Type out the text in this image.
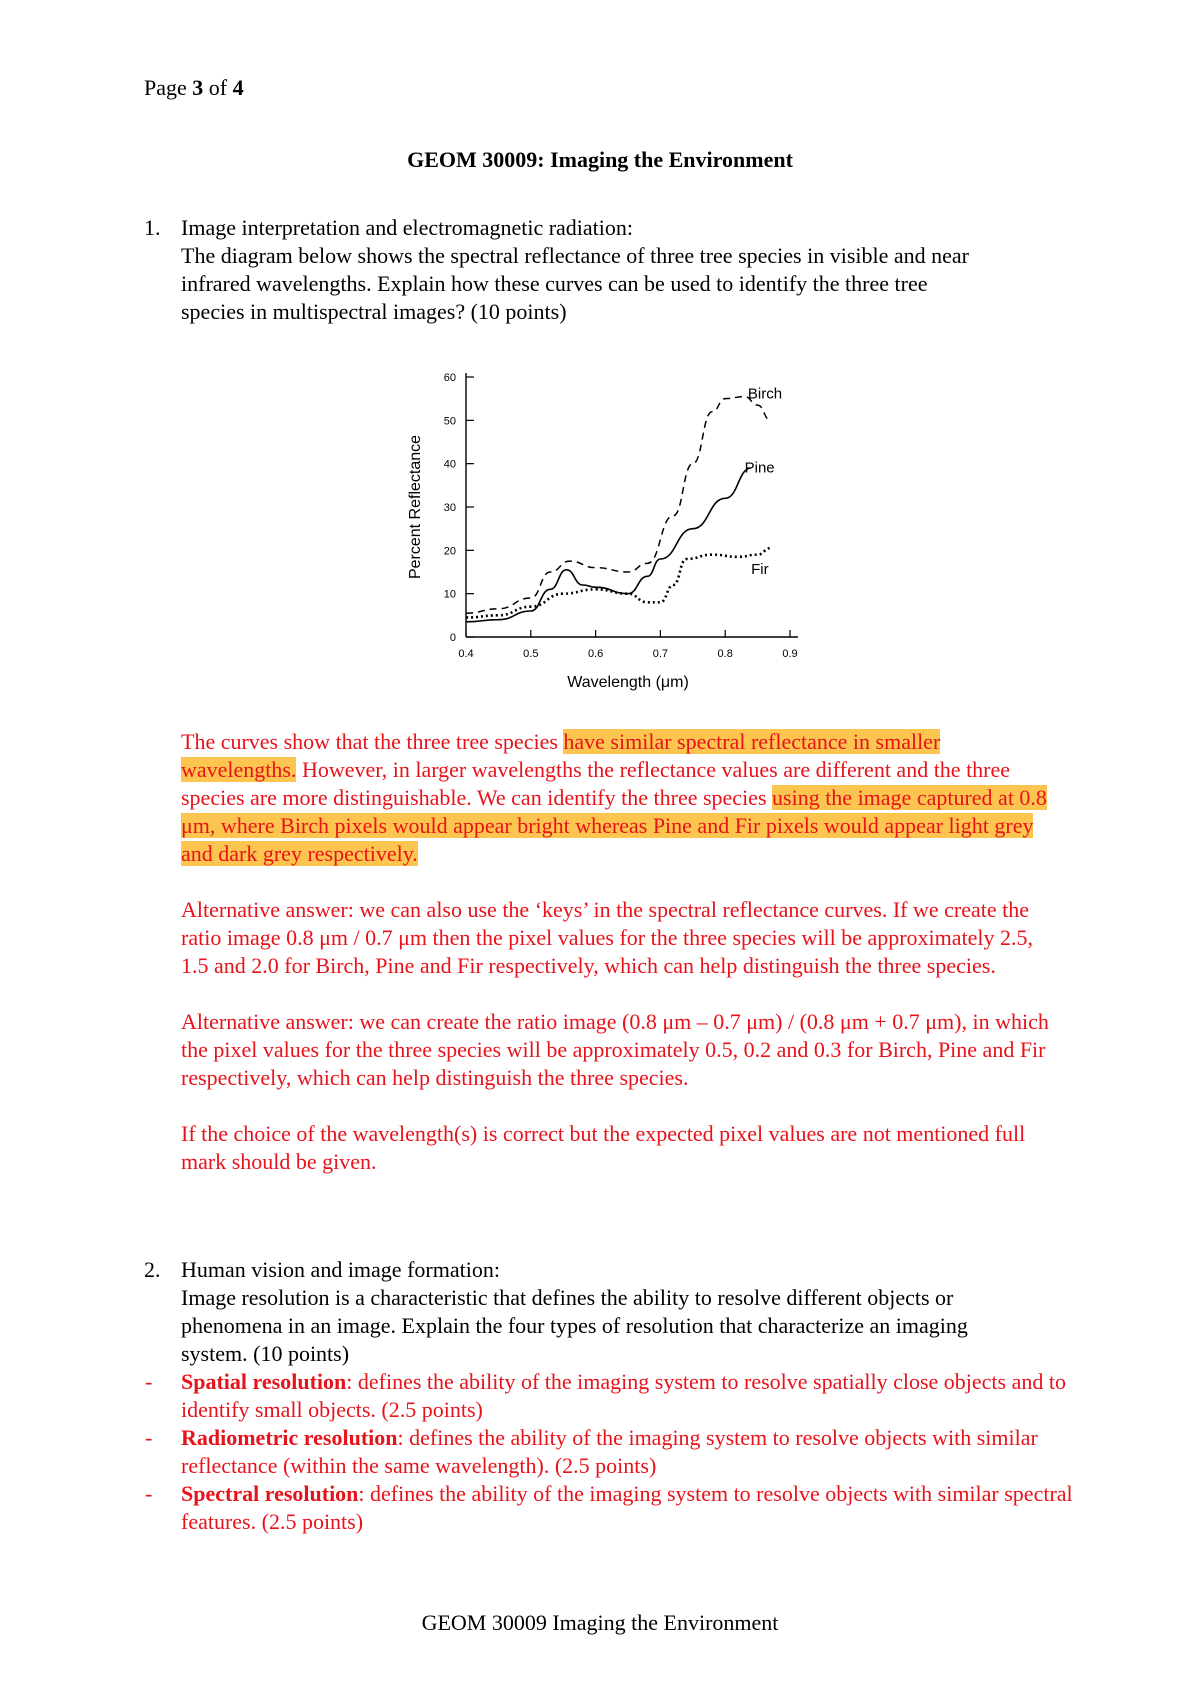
Page 3 of 4
GEOM 30009: Imaging the Environment
1. Image interpretation and electromagnetic radiation:
The diagram below shows the spectral reflectance of three tree species in visible and near
infrared wavelengths. Explain how these curves can be used to identify the three tree
species in multispectral images? (10 points)
0
10
20
30
40
50
60
0.4	0.5	0.6	0.7	0.8	0.9
Wavelength (μm)
Percent Reflectance
Birch
Pine
Fir
The curves show that the three tree species have similar spectral reflectance in smaller wavelengths. However, in larger wavelengths the reflectance values are different and the three species are more distinguishable. We can identify the three species using the image captured at 0.8 μm, where Birch pixels would appear bright whereas Pine and Fir pixels would appear light grey and dark grey respectively.
Alternative answer: we can also use the ‘keys’ in the spectral reflectance curves. If we create the ratio image 0.8 μm / 0.7 μm then the pixel values for the three species will be approximately 2.5, 1.5 and 2.0 for Birch, Pine and Fir respectively, which can help distinguish the three species.
Alternative answer: we can create the ratio image (0.8 μm – 0.7 μm) / (0.8 μm + 0.7 μm), in which the pixel values for the three species will be approximately 0.5, 0.2 and 0.3 for Birch, Pine and Fir respectively, which can help distinguish the three species.
If the choice of the wavelength(s) is correct but the expected pixel values are not mentioned full mark should be given.
2. Human vision and image formation:
Image resolution is a characteristic that defines the ability to resolve different objects or
phenomena in an image. Explain the four types of resolution that characterize an imaging
system. (10 points)
- Spatial resolution: defines the ability of the imaging system to resolve spatially close objects and to identify small objects. (2.5 points)
- Radiometric resolution: defines the ability of the imaging system to resolve objects with similar reflectance (within the same wavelength). (2.5 points)
- Spectral resolution: defines the ability of the imaging system to resolve objects with similar spectral features. (2.5 points)
GEOM 30009 Imaging the Environment
